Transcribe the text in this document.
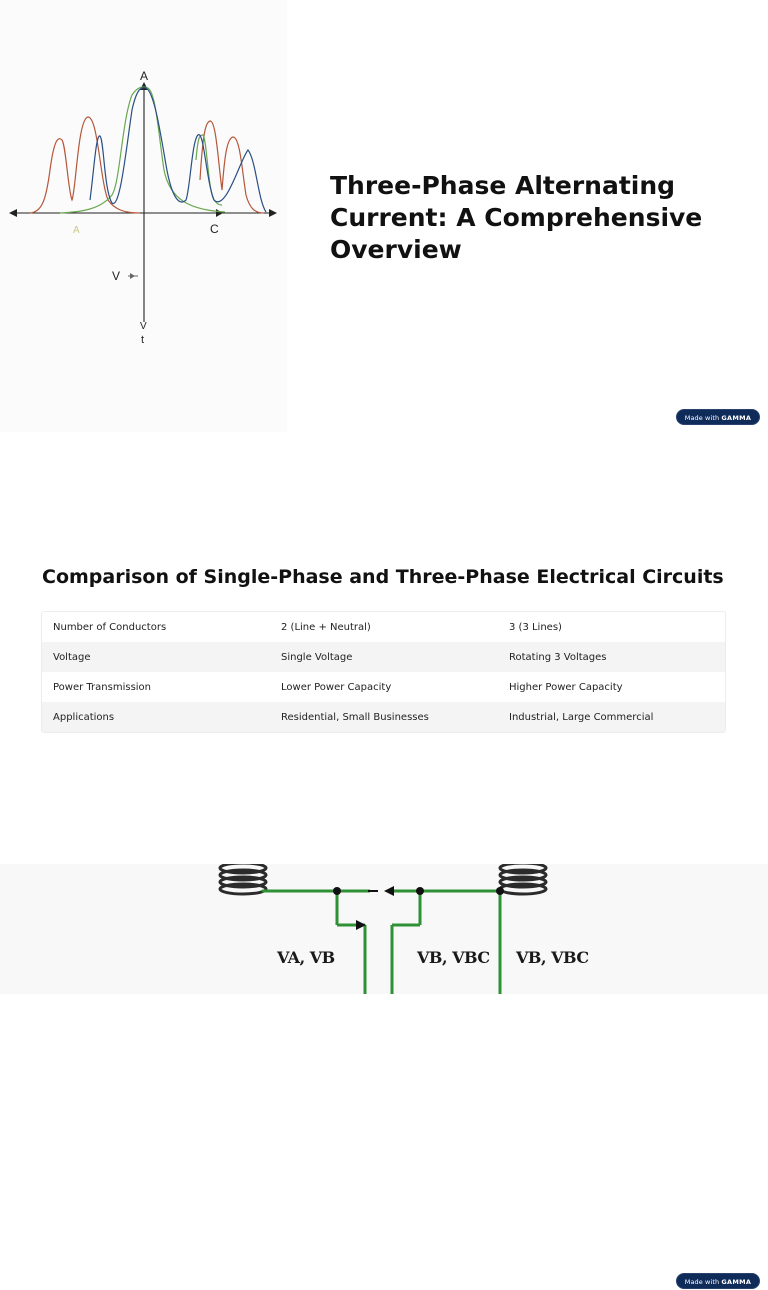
A
A	C
V
V
t
Three-Phase Alternating Current: A Comprehensive Overview
Made with GAMMA
Comparison of Single-Phase and Three-Phase Electrical Circuits
Number of Conductors	2 (Line + Neutral)	3 (3 Lines)
Voltage	Single Voltage	Rotating 3 Voltages
Power Transmission	Lower Power Capacity	Higher Power Capacity
Applications	Residential, Small Businesses	Industrial, Large Commercial
Made with GAMMA
VA, VB	VB, VBC VB, VBC
